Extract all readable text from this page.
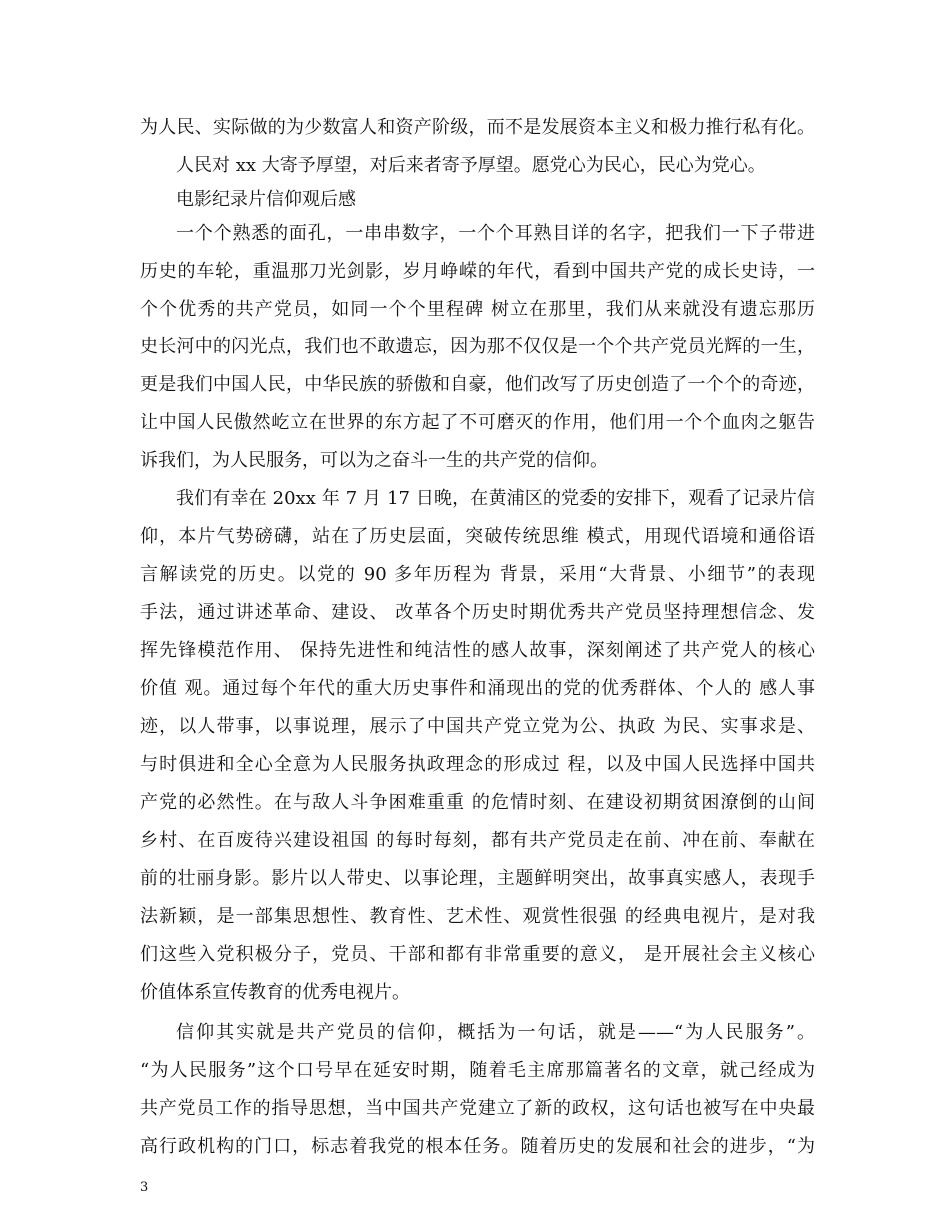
为人民、实际做的为少数富人和资产阶级，而不是发展资本主义和极力推行私有化。
人民对 xx 大寄予厚望，对后来者寄予厚望。愿党心为民心，民心为党心。
电影纪录片信仰观后感
一个个熟悉的面孔，一串串数字，一个个耳熟目详的名字，把我们一下子带进
历史的车轮，重温那刀光剑影，岁月峥嵘的年代，看到中国共产党的成长史诗，一
个个优秀的共产党员，如同一个个里程碑 树立在那里，我们从来就没有遗忘那历
史长河中的闪光点，我们也不敢遗忘，因为那不仅仅是一个个共产党员光辉的一生，
更是我们中国人民，中华民族的骄傲和自豪，他们改写了历史创造了一个个的奇迹，
让中国人民傲然屹立在世界的东方起了不可磨灭的作用，他们用一个个血肉之躯告
诉我们，为人民服务，可以为之奋斗一生的共产党的信仰。
我们有幸在 20xx 年 7 月 17 日晚，在黄浦区的党委的安排下，观看了记录片信
仰，本片气势磅礴，站在了历史层面，突破传统思维 模式，用现代语境和通俗语
言解读党的历史。以党的 90 多年历程为 背景，采用“大背景、小细节”的表现
手法，通过讲述革命、建设、 改革各个历史时期优秀共产党员坚持理想信念、发
挥先锋模范作用、 保持先进性和纯洁性的感人故事，深刻阐述了共产党人的核心
价值 观。通过每个年代的重大历史事件和涌现出的党的优秀群体、个人的 感人事
迹，以人带事，以事说理，展示了中国共产党立党为公、执政 为民、实事求是、
与时俱进和全心全意为人民服务执政理念的形成过 程，以及中国人民选择中国共
产党的必然性。在与敌人斗争困难重重 的危情时刻、在建设初期贫困潦倒的山间
乡村、在百废待兴建设祖国 的每时每刻，都有共产党员走在前、冲在前、奉献在
前的壮丽身影。影片以人带史、以事论理，主题鲜明突出，故事真实感人，表现手
法新颖，是一部集思想性、教育性、艺术性、观赏性很强 的经典电视片，是对我
们这些入党积极分子，党员、干部和都有非常重要的意义， 是开展社会主义核心
价值体系宣传教育的优秀电视片。
信仰其实就是共产党员的信仰，概括为一句话，就是——“为人民服务”。
“为人民服务”这个口号早在延安时期，随着毛主席那篇著名的文章，就己经成为
共产党员工作的指导思想，当中国共产党建立了新的政权，这句话也被写在中央最
高行政机构的门口，标志着我党的根本任务。随着历史的发展和社会的进步，“为
3
